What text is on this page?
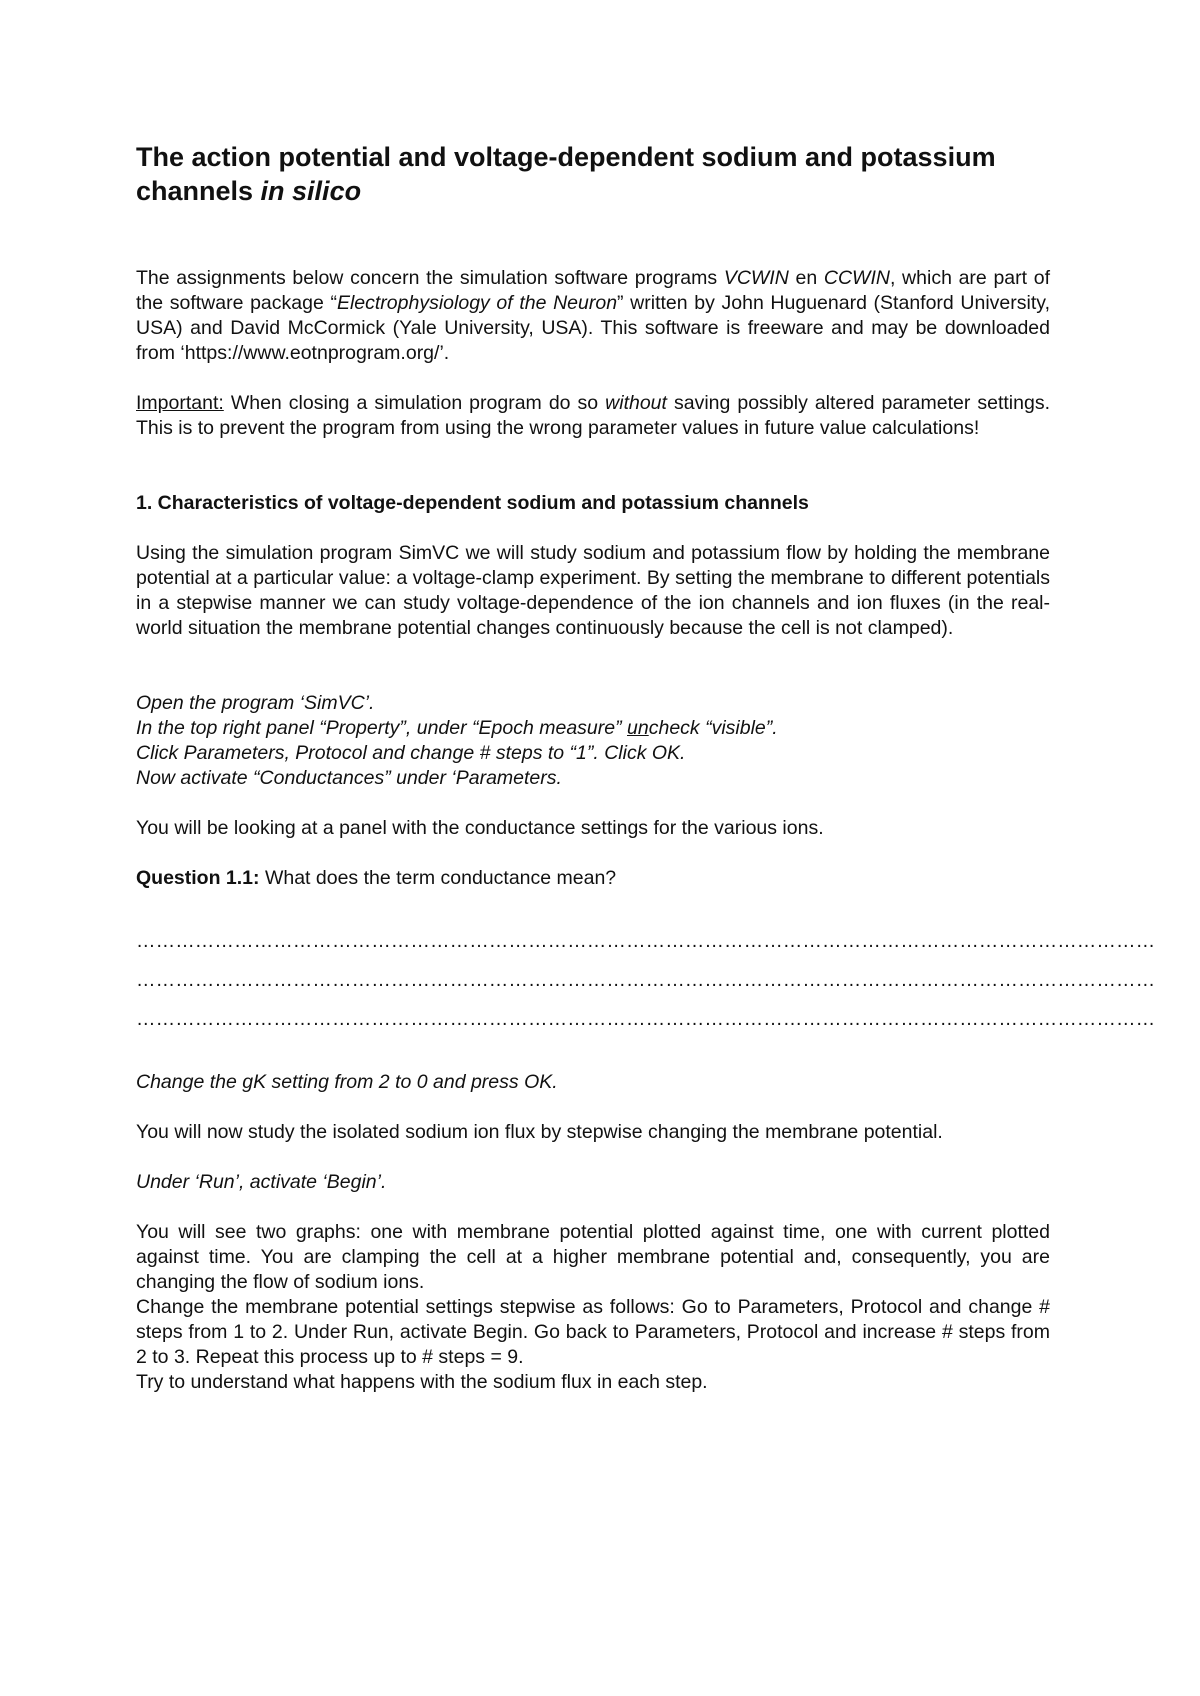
The action potential and voltage-dependent sodium and potassium
channels in silico

The assignments below concern the simulation software programs VCWIN en CCWIN, which are part of the software package “Electrophysiology of the Neuron” written by John Huguenard (Stanford University, USA) and David McCormick (Yale University, USA). This software is freeware and may be downloaded from ‘https://www.eotnprogram.org/’.

Important: When closing a simulation program do so without saving possibly altered parameter settings. This is to prevent the program from using the wrong parameter values in future value calculations!

1. Characteristics of voltage-dependent sodium and potassium channels

Using the simulation program SimVC we will study sodium and potassium flow by holding the membrane potential at a particular value: a voltage-clamp experiment. By setting the membrane to different potentials in a stepwise manner we can study voltage-dependence of the ion channels and ion fluxes (in the real-world situation the membrane potential changes continuously because the cell is not clamped).

Open the program ‘SimVC’.
In the top right panel “Property”, under “Epoch measure” uncheck “visible”.
Click Parameters, Protocol and change # steps to “1”. Click OK.
Now activate “Conductances” under ‘Parameters.

You will be looking at a panel with the conductance settings for the various ions.

Question 1.1: What does the term conductance mean?

…………………………………………………………………………………………………………………………………………

…………………………………………………………………………………………………………………………………………

…………………………………………………………………………………………………………………………………………

Change the gK setting from 2 to 0 and press OK.

You will now study the isolated sodium ion flux by stepwise changing the membrane potential.

Under ‘Run’, activate ‘Begin’.

You will see two graphs: one with membrane potential plotted against time, one with current plotted against time. You are clamping the cell at a higher membrane potential and, consequently, you are changing the flow of sodium ions.

Change the membrane potential settings stepwise as follows: Go to Parameters, Protocol and change # steps from 1 to 2. Under Run, activate Begin. Go back to Parameters, Protocol and increase # steps from 2 to 3. Repeat this process up to # steps = 9.

Try to understand what happens with the sodium flux in each step.
